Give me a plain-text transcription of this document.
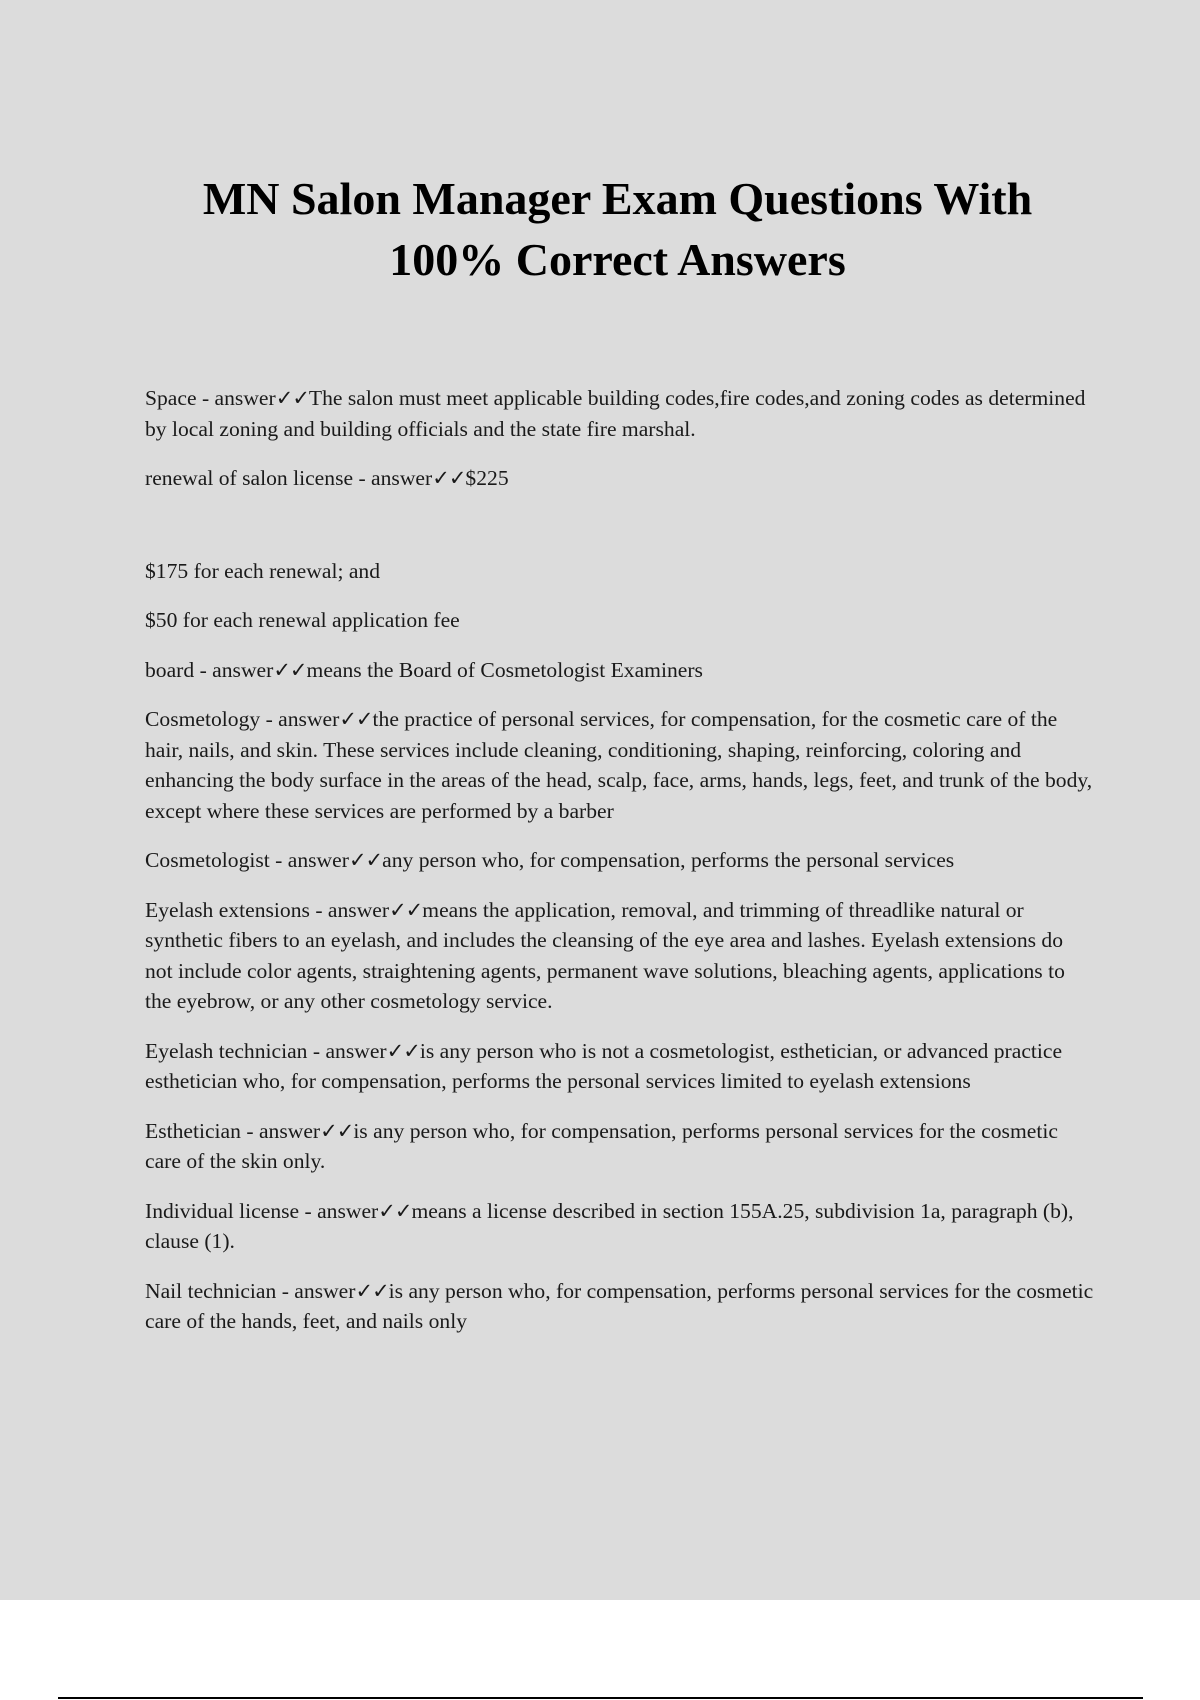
MN Salon Manager Exam Questions With
100% Correct Answers

Space - answer✓✓The salon must meet applicable building codes,fire codes,and zoning codes as determined by local zoning and building officials and the state fire marshal.

renewal of salon license - answer✓✓$225

$175 for each renewal; and

$50 for each renewal application fee

board - answer✓✓means the Board of Cosmetologist Examiners

Cosmetology - answer✓✓the practice of personal services, for compensation, for the cosmetic care of the hair, nails, and skin. These services include cleaning, conditioning, shaping, reinforcing, coloring and enhancing the body surface in the areas of the head, scalp, face, arms, hands, legs, feet, and trunk of the body, except where these services are performed by a barber

Cosmetologist - answer✓✓any person who, for compensation, performs the personal services

Eyelash extensions - answer✓✓means the application, removal, and trimming of threadlike natural or synthetic fibers to an eyelash, and includes the cleansing of the eye area and lashes. Eyelash extensions do not include color agents, straightening agents, permanent wave solutions, bleaching agents, applications to the eyebrow, or any other cosmetology service.

Eyelash technician - answer✓✓is any person who is not a cosmetologist, esthetician, or advanced practice esthetician who, for compensation, performs the personal services limited to eyelash extensions

Esthetician - answer✓✓is any person who, for compensation, performs personal services for the cosmetic care of the skin only.

Individual license - answer✓✓means a license described in section 155A.25, subdivision 1a, paragraph (b), clause (1).

Nail technician - answer✓✓is any person who, for compensation, performs personal services for the cosmetic care of the hands, feet, and nails only
